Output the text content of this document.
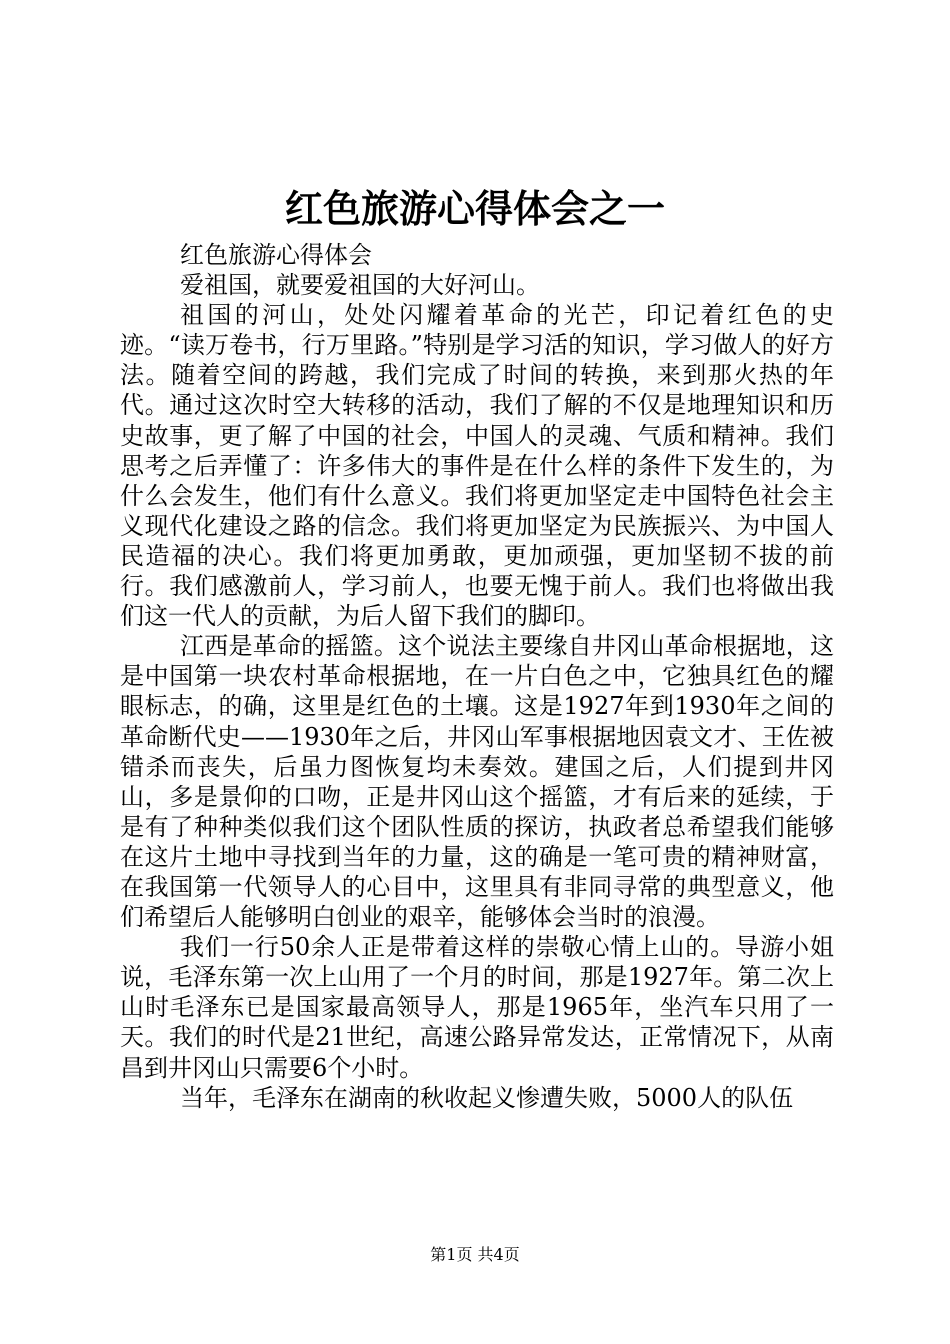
红色旅游心得体会之一

红色旅游心得体会

爱祖国，就要爱祖国的大好河山。

祖国的河山，处处闪耀着革命的光芒，印记着红色的史迹。“读万卷书，行万里路。”特别是学习活的知识，学习做人的好方法。随着空间的跨越，我们完成了时间的转换，来到那火热的年代。通过这次时空大转移的活动，我们了解的不仅是地理知识和历史故事，更了解了中国的社会，中国人的灵魂、气质和精神。我们思考之后弄懂了：许多伟大的事件是在什么样的条件下发生的，为什么会发生，他们有什么意义。我们将更加坚定走中国特色社会主义现代化建设之路的信念。我们将更加坚定为民族振兴、为中国人民造福的决心。我们将更加勇敢，更加顽强，更加坚韧不拔的前行。我们感激前人，学习前人，也要无愧于前人。我们也将做出我们这一代人的贡献，为后人留下我们的脚印。

江西是革命的摇篮。这个说法主要缘自井冈山革命根据地，这是中国第一块农村革命根据地，在一片白色之中，它独具红色的耀眼标志，的确，这里是红色的土壤。这是1927年到1930年之间的革命断代史——1930年之后，井冈山军事根据地因袁文才、王佐被错杀而丧失，后虽力图恢复均未奏效。建国之后，人们提到井冈山，多是景仰的口吻，正是井冈山这个摇篮，才有后来的延续，于是有了种种类似我们这个团队性质的探访，执政者总希望我们能够在这片土地中寻找到当年的力量，这的确是一笔可贵的精神财富，在我国第一代领导人的心目中，这里具有非同寻常的典型意义，他们希望后人能够明白创业的艰辛，能够体会当时的浪漫。

我们一行50余人正是带着这样的崇敬心情上山的。导游小姐说，毛泽东第一次上山用了一个月的时间，那是1927年。第二次上山时毛泽东已是国家最高领导人，那是1965年，坐汽车只用了一天。我们的时代是21世纪，高速公路异常发达，正常情况下，从南昌到井冈山只需要6个小时。

当年，毛泽东在湖南的秋收起义惨遭失败，5000人的队伍

第1页 共4页
